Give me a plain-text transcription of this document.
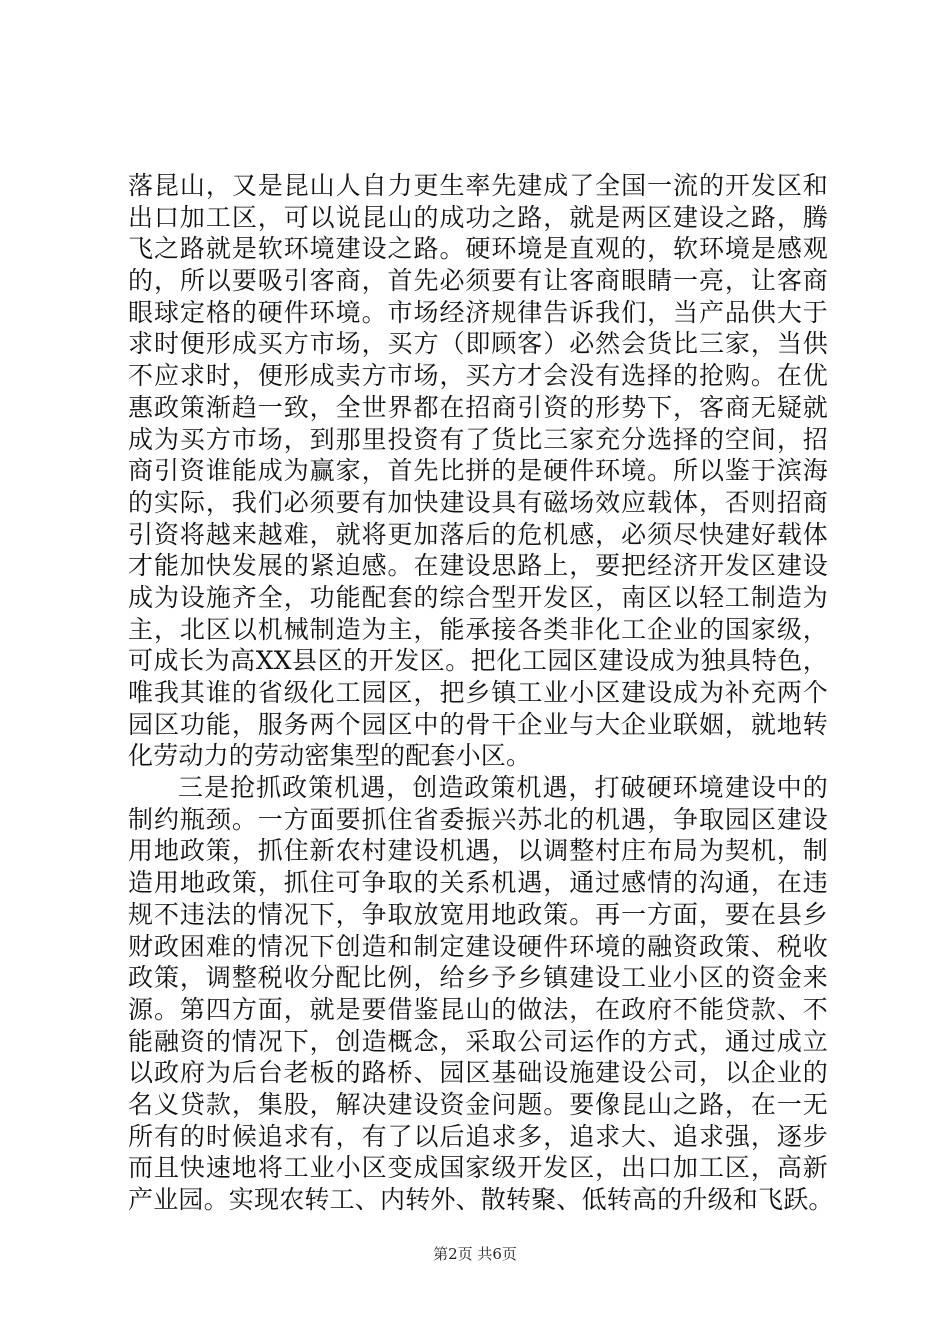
落昆山，又是昆山人自力更生率先建成了全国一流的开发区和
出口加工区，可以说昆山的成功之路，就是两区建设之路，腾
飞之路就是软环境建设之路。硬环境是直观的，软环境是感观
的，所以要吸引客商，首先必须要有让客商眼睛一亮，让客商
眼球定格的硬件环境。市场经济规律告诉我们，当产品供大于
求时便形成买方市场，买方（即顾客）必然会货比三家，当供
不应求时，便形成卖方市场，买方才会没有选择的抢购。在优
惠政策渐趋一致，全世界都在招商引资的形势下，客商无疑就
成为买方市场，到那里投资有了货比三家充分选择的空间，招
商引资谁能成为赢家，首先比拼的是硬件环境。所以鉴于滨海
的实际，我们必须要有加快建设具有磁场效应载体，否则招商
引资将越来越难，就将更加落后的危机感，必须尽快建好载体
才能加快发展的紧迫感。在建设思路上，要把经济开发区建设
成为设施齐全，功能配套的综合型开发区，南区以轻工制造为
主，北区以机械制造为主，能承接各类非化工企业的国家级，
可成长为高XX县区的开发区。把化工园区建设成为独具特色，
唯我其谁的省级化工园区，把乡镇工业小区建设成为补充两个
园区功能，服务两个园区中的骨干企业与大企业联姻，就地转
化劳动力的劳动密集型的配套小区。
三是抢抓政策机遇，创造政策机遇，打破硬环境建设中的
制约瓶颈。一方面要抓住省委振兴苏北的机遇，争取园区建设
用地政策，抓住新农村建设机遇，以调整村庄布局为契机，制
造用地政策，抓住可争取的关系机遇，通过感情的沟通，在违
规不违法的情况下，争取放宽用地政策。再一方面，要在县乡
财政困难的情况下创造和制定建设硬件环境的融资政策、税收
政策，调整税收分配比例，给乡予乡镇建设工业小区的资金来
源。第四方面，就是要借鉴昆山的做法，在政府不能贷款、不
能融资的情况下，创造概念，采取公司运作的方式，通过成立
以政府为后台老板的路桥、园区基础设施建设公司，以企业的
名义贷款，集股，解决建设资金问题。要像昆山之路，在一无
所有的时候追求有，有了以后追求多，追求大、追求强，逐步
而且快速地将工业小区变成国家级开发区，出口加工区，高新
产业园。实现农转工、内转外、散转聚、低转高的升级和飞跃。
第2页 共6页
